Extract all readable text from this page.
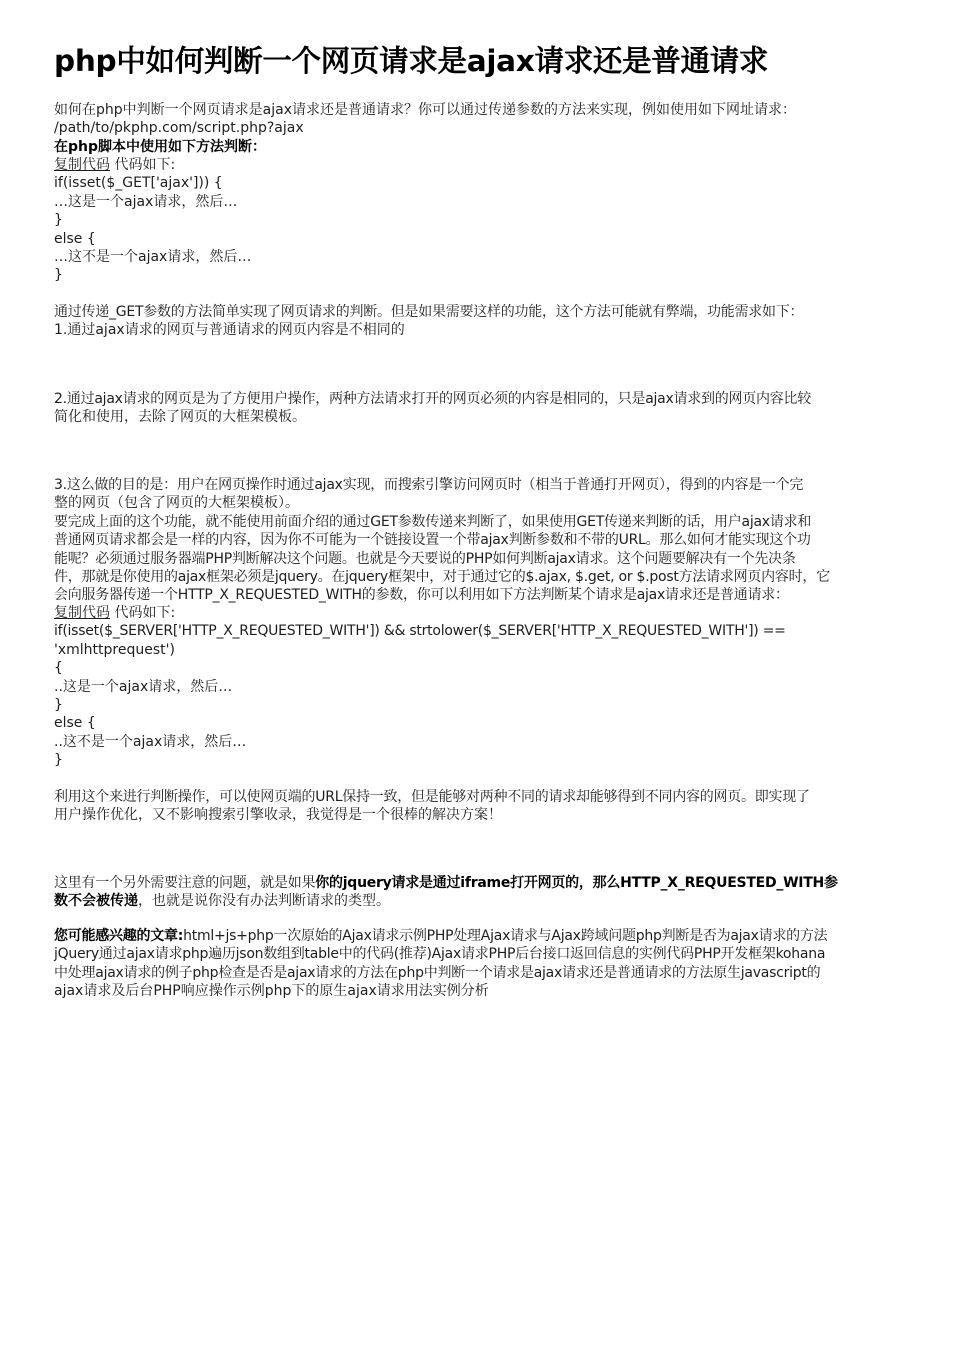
php中如何判断一个网页请求是ajax请求还是普通请求
如何在php中判断一个网页请求是ajax请求还是普通请求？你可以通过传递参数的方法来实现，例如使用如下网址请求：
/path/to/pkphp.com/script.php?ajax
在php脚本中使用如下方法判断：
复制代码 代码如下:
if(isset($_GET['ajax'])) {
…这是一个ajax请求，然后…
}
else {
…这不是一个ajax请求，然后…
}
通过传递_GET参数的方法简单实现了网页请求的判断。但是如果需要这样的功能，这个方法可能就有弊端，功能需求如下：
1.通过ajax请求的网页与普通请求的网页内容是不相同的
2.通过ajax请求的网页是为了方便用户操作，两种方法请求打开的网页必须的内容是相同的，只是ajax请求到的网页内容比较
简化和使用，去除了网页的大框架模板。
3.这么做的目的是：用户在网页操作时通过ajax实现，而搜索引擎访问网页时（相当于普通打开网页），得到的内容是一个完
整的网页（包含了网页的大框架模板）。
要完成上面的这个功能，就不能使用前面介绍的通过GET参数传递来判断了，如果使用GET传递来判断的话，用户ajax请求和
普通网页请求都会是一样的内容，因为你不可能为一个链接设置一个带ajax判断参数和不带的URL。那么如何才能实现这个功
能呢？必须通过服务器端PHP判断解决这个问题。也就是今天要说的PHP如何判断ajax请求。这个问题要解决有一个先决条
件，那就是你使用的ajax框架必须是jquery。在jquery框架中，对于通过它的$.ajax, $.get, or $.post方法请求网页内容时，它
会向服务器传递一个HTTP_X_REQUESTED_WITH的参数，你可以利用如下方法判断某个请求是ajax请求还是普通请求：
复制代码 代码如下:
if(isset($_SERVER['HTTP_X_REQUESTED_WITH']) && strtolower($_SERVER['HTTP_X_REQUESTED_WITH']) ==
'xmlhttprequest')
{
..这是一个ajax请求，然后…
}
else {
..这不是一个ajax请求，然后…
}
利用这个来进行判断操作，可以使网页端的URL保持一致，但是能够对两种不同的请求却能够得到不同内容的网页。即实现了
用户操作优化，又不影响搜索引擎收录，我觉得是一个很棒的解决方案！
这里有一个另外需要注意的问题，就是如果你的jquery请求是通过iframe打开网页的，那么HTTP_X_REQUESTED_WITH参
数不会被传递，也就是说你没有办法判断请求的类型。
您可能感兴趣的文章:html+js+php一次原始的Ajax请求示例PHP处理Ajax请求与Ajax跨域问题php判断是否为ajax请求的方法
jQuery通过ajax请求php遍历json数组到table中的代码(推荐)Ajax请求PHP后台接口返回信息的实例代码PHP开发框架kohana
中处理ajax请求的例子php检查是否是ajax请求的方法在php中判断一个请求是ajax请求还是普通请求的方法原生javascript的
ajax请求及后台PHP响应操作示例php下的原生ajax请求用法实例分析
